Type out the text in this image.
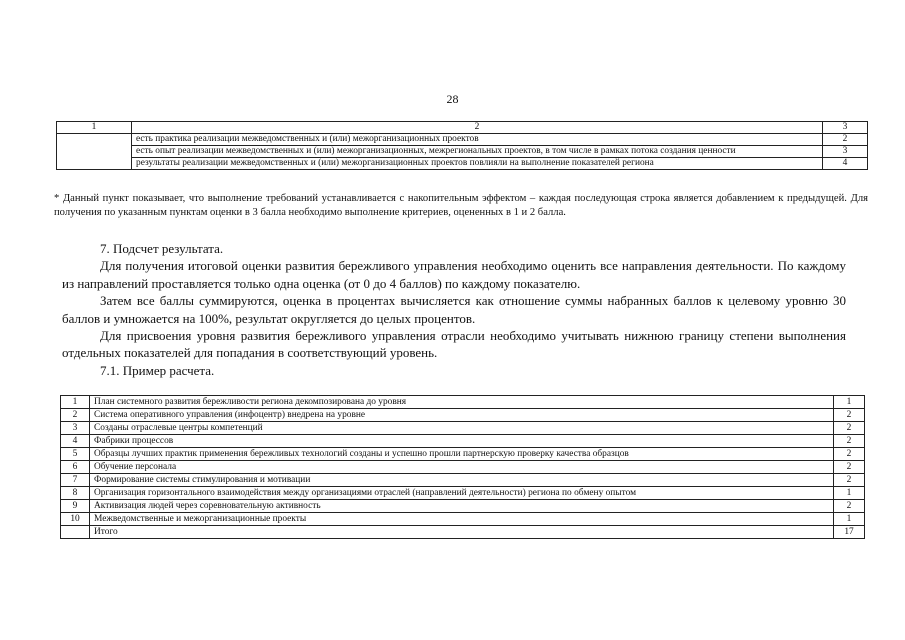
28
1	2	3
	есть практика реализации межведомственных и (или) межорганизационных проектов	2
	есть опыт реализации межведомственных и (или) межорганизационных, межрегиональных проектов, в том числе в рамках потока создания ценности	3
	результаты реализации межведомственных и (или) межорганизационных проектов повлияли на выполнение показателей региона	4
* Данный пункт показывает, что выполнение требований устанавливается с накопительным эффектом – каждая последующая строка является добавлением к предыдущей. Для получения по указанным пунктам оценки в 3 балла необходимо выполнение критериев, оцененных в 1 и 2 балла.

7. Подсчет результата.

Для получения итоговой оценки развития бережливого управления необходимо оценить все направления деятельности. По каждому из направлений проставляется только одна оценка (от 0 до 4 баллов) по каждому показателю.

Затем все баллы суммируются, оценка в процентах вычисляется как отношение суммы набранных баллов к целевому уровню 30 баллов и умножается на 100%, результат округляется до целых процентов.

Для присвоения уровня развития бережливого управления отрасли необходимо учитывать нижнюю границу степени выполнения отдельных показателей для попадания в соответствующий уровень.

7.1. Пример расчета.

1	План системного развития бережливости региона декомпозирована до уровня	1
2	Система оперативного управления (инфоцентр) внедрена на уровне	2
3	Созданы отраслевые центры компетенций	2
4	Фабрики процессов	2
5	Образцы лучших практик применения бережливых технологий созданы и успешно прошли партнерскую проверку качества образцов	2
6	Обучение персонала	2
7	Формирование системы стимулирования и мотивации	2
8	Организация горизонтального взаимодействия между организациями отраслей (направлений деятельности) региона по обмену опытом	1
9	Активизация людей через соревновательную активность	2
10	Межведомственные и межорганизационные проекты	1
	Итого	17
